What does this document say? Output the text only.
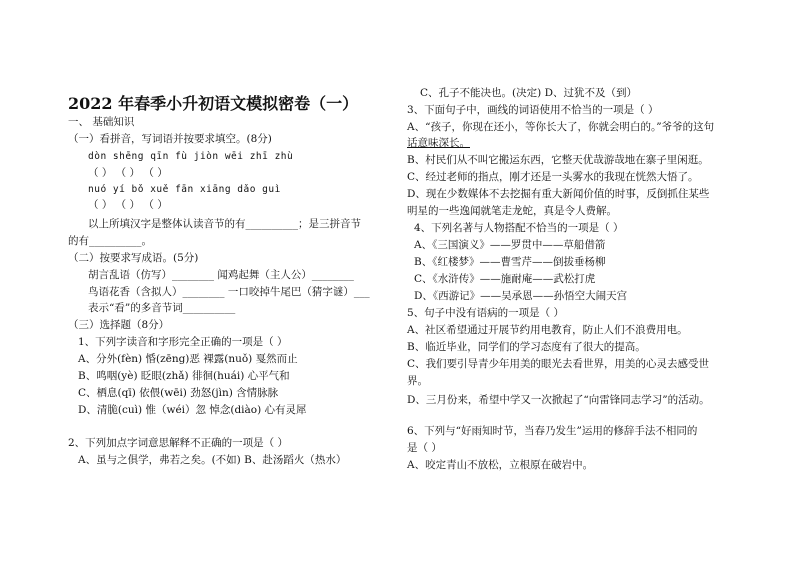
2022 年春季小升初语文模拟密卷（一）
一、 基础知识
（一）看拼音，写词语并按要求填空。(8分)
dòn shēng qīn fù jiòn wēi zhī zhù
（ ） （ ） （ ）
nuó yí bǒ xuě fān xiāng dǎo guì
（ ） （ ） （ ）
以上所填汉字是整体认读音节的有__________；是三拼音节
的有__________。
（二）按要求写成语。(5分)
胡言乱语（仿写）________ 闻鸡起舞（主人公）________
鸟语花香（含拟人）________ 一口咬掉牛尾巴（猜字谜）___
表示“看”的多音节词__________
（三）选择题（8分）
1、下列字读音和字形完全正确的一项是（ ）
A、分外(fèn) 惛(zēng)恶 裸露(nuǒ) 戛然而止
B、鸣咽(yè) 眨眼(zhǎ) 徘徊(huái) 心平气和
C、栖息(qī) 依偎(wēi) 劲怒(jìn) 含情脉脉
D、清脆(cuì) 惟（wéi）忽 悼念(diào) 心有灵犀
2、下列加点字词意思解释不正确的一项是（ ）
A、虽与之俱学，弗若之矣。(不如) B、赴汤蹈火（热水）
C、孔子不能决也。(决定) D、过犹不及（到）
3、下面句子中，画线的词语使用不恰当的一项是（ ）
A、“孩子，你现在还小，等你长大了，你就会明白的。”爷爷的这句
话意味深长。
B、村民们从不叫它搬运东西，它整天优哉游哉地在寨子里闲逛。
C、经过老师的指点，刚才还是一头雾水的我现在恍然大悟了。
D、现在少数媒体不去挖掘有重大新闻价值的时事，反倒抓住某些
明星的一些逸闻就笔走龙蛇，真是令人费解。
4、下列名著与人物搭配不恰当的一项是（ ）
A、《三国演义》——罗贯中——草船借箭
B、《红楼梦》——曹雪芹——倒拔垂杨柳
C、《水浒传》——施耐庵——武松打虎
D、《西游记》——吴承恩——孙悟空大闹天宫
5、句子中没有语病的一项是（ ）
A、社区希望通过开展节约用电教育，防止人们不浪费用电。
B、临近毕业，同学们的学习态度有了很大的提高。
C、我们要引导青少年用美的眼光去看世界，用美的心灵去感受世
界。
D、三月份来，希望中学又一次掀起了“向雷锋同志学习”的活动。
6、下列与“好雨知时节，当春乃发生”运用的修辞手法不相同的
是（ ）
A、咬定青山不放松，立根原在破岩中。
